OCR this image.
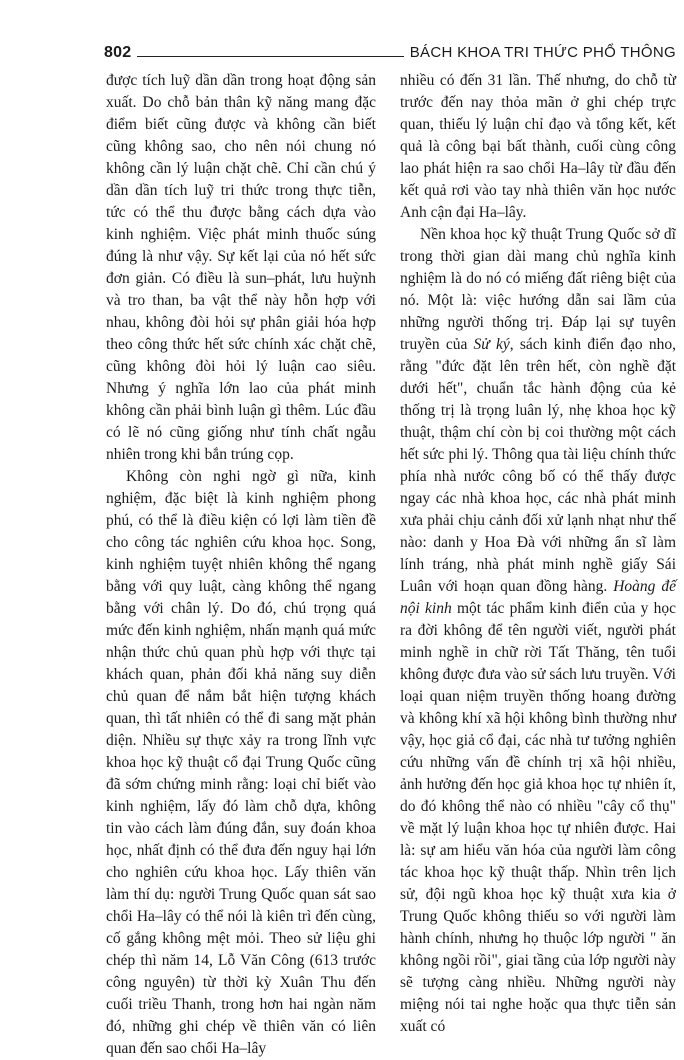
802	BÁCH KHOA TRI THỨC PHỔ THÔNG

được tích luỹ dần dần trong hoạt động sản xuất. Do chỗ bản thân kỹ năng mang đặc điểm biết cũng được và không cần biết cũng không sao, cho nên nói chung nó không cần lý luận chặt chẽ. Chỉ cần chú ý dần dần tích luỹ tri thức trong thực tiễn, tức có thể thu được bằng cách dựa vào kinh nghiệm. Việc phát minh thuốc súng đúng là như vậy. Sự kết lại của nó hết sức đơn giản. Có điều là sun–phát, lưu huỳnh và tro than, ba vật thể này hỗn hợp với nhau, không đòi hỏi sự phân giải hóa hợp theo công thức hết sức chính xác chặt chẽ, cũng không đòi hỏi lý luận cao siêu. Nhưng ý nghĩa lớn lao của phát minh không cần phải bình luận gì thêm. Lúc đầu có lẽ nó cũng giống như tính chất ngẫu nhiên trong khi bắn trúng cọp.

Không còn nghi ngờ gì nữa, kinh nghiệm, đặc biệt là kinh nghiệm phong phú, có thể là điều kiện có lợi làm tiền đề cho công tác nghiên cứu khoa học. Song, kinh nghiệm tuyệt nhiên không thể ngang bằng với quy luật, càng không thể ngang bằng với chân lý. Do đó, chú trọng quá mức đến kinh nghiệm, nhấn mạnh quá mức nhận thức chủ quan phù hợp với thực tại khách quan, phản đối khả năng suy diễn chủ quan để nắm bắt hiện tượng khách quan, thì tất nhiên có thể đi sang mặt phản diện. Nhiều sự thực xảy ra trong lĩnh vực khoa học kỹ thuật cổ đại Trung Quốc cũng đã sớm chứng minh rằng: loại chỉ biết vào kinh nghiệm, lấy đó làm chỗ dựa, không tin vào cách làm đúng đắn, suy đoán khoa học, nhất định có thể đưa đến nguy hại lớn cho nghiên cứu khoa học. Lấy thiên văn làm thí dụ: người Trung Quốc quan sát sao chổi Ha–lây có thể nói là kiên trì đến cùng, cố gắng không mệt mỏi. Theo sử liệu ghi chép thì năm 14, Lỗ Văn Công (613 trước công nguyên) từ thời kỳ Xuân Thu đến cuối triều Thanh, trong hơn hai ngàn năm đó, những ghi chép về thiên văn có liên quan đến sao chổi Ha–lây

nhiều có đến 31 lần. Thế nhưng, do chỗ từ trước đến nay thỏa mãn ở ghi chép trực quan, thiếu lý luận chỉ đạo và tổng kết, kết quả là công bại bất thành, cuối cùng công lao phát hiện ra sao chổi Ha–lây từ đầu đến kết quả rơi vào tay nhà thiên văn học nước Anh cận đại Ha–lây.

Nền khoa học kỹ thuật Trung Quốc sở dĩ trong thời gian dài mang chủ nghĩa kinh nghiệm là do nó có miếng đất riêng biệt của nó. Một là: việc hướng dẫn sai lầm của những người thống trị. Đáp lại sự tuyên truyền của Sử ký, sách kinh điển đạo nho, rằng "đức đặt lên trên hết, còn nghề đặt dưới hết", chuẩn tắc hành động của kẻ thống trị là trọng luân lý, nhẹ khoa học kỹ thuật, thậm chí còn bị coi thường một cách hết sức phi lý. Thông qua tài liệu chính thức phía nhà nước công bố có thể thấy được ngay các nhà khoa học, các nhà phát minh xưa phải chịu cảnh đối xử lạnh nhạt như thế nào: danh y Hoa Đà với những ẩn sĩ làm lính tráng, nhà phát minh nghề giấy Sái Luân với hoạn quan đồng hàng. Hoàng đế nội kinh một tác phẩm kinh điển của y học ra đời không để tên người viết, người phát minh nghề in chữ rời Tất Thăng, tên tuổi không được đưa vào sử sách lưu truyền. Với loại quan niệm truyền thống hoang đường và không khí xã hội không bình thường như vậy, học giả cổ đại, các nhà tư tưởng nghiên cứu những vấn đề chính trị xã hội nhiều, ảnh hưởng đến học giả khoa học tự nhiên ít, do đó không thể nào có nhiều "cây cổ thụ" về mặt lý luận khoa học tự nhiên được. Hai là: sự am hiểu văn hóa của người làm công tác khoa học kỹ thuật thấp. Nhìn trên lịch sử, đội ngũ khoa học kỹ thuật xưa kia ở Trung Quốc không thiếu so với người làm hành chính, nhưng họ thuộc lớp người " ăn không ngồi rồi", giai tầng của lớp người này sẽ tượng càng nhiều. Những người này miệng nói tai nghe hoặc qua thực tiễn sản xuất có
